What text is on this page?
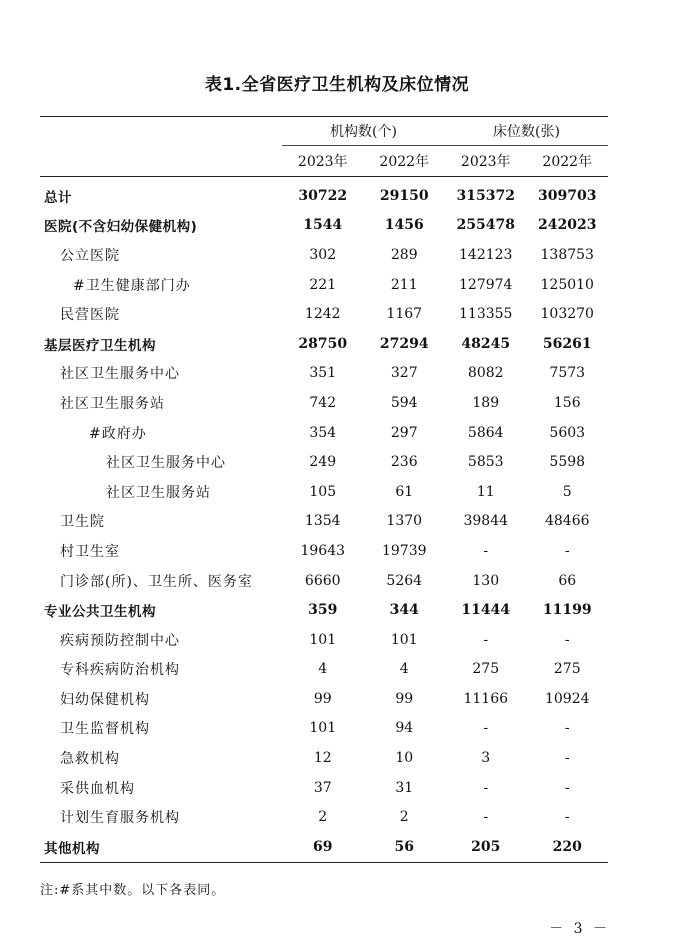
表1.全省医疗卫生机构及床位情况
	机构数(个)		床位数(张)	
	2023年	2022年	2023年	2022年
总计	30722	29150	315372	309703
医院(不含妇幼保健机构)	1544	1456	255478	242023
公立医院	302	289	142123	138753
#卫生健康部门办	221	211	127974	125010
民营医院	1242	1167	113355	103270
基层医疗卫生机构	28750	27294	48245	56261
社区卫生服务中心	351	327	8082	7573
社区卫生服务站	742	594	189	156
#政府办	354	297	5864	5603
社区卫生服务中心	249	236	5853	5598
社区卫生服务站	105	61	11	5
卫生院	1354	1370	39844	48466
村卫生室	19643	19739	-	-
门诊部(所)、卫生所、医务室	6660	5264	130	66
专业公共卫生机构	359	344	11444	11199
疾病预防控制中心	101	101	-	-
专科疾病防治机构	4	4	275	275
妇幼保健机构	99	99	11166	10924
卫生监督机构	101	94	-	-
急救机构	12	10	3	-
采供血机构	37	31	-	-
计划生育服务机构	2	2	-	-
其他机构	69	56	205	220
注:#系其中数。以下各表同。
－ 3 －
